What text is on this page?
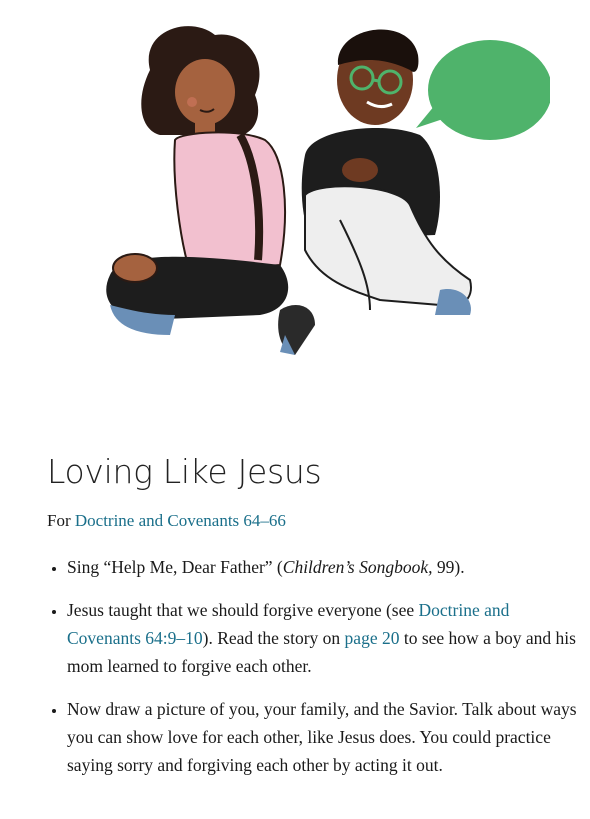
Loving Like Jesus
For Doctrine and Covenants 64–66
• Sing “Help Me, Dear Father” (Children’s Songbook, 99).
• Jesus taught that we should forgive everyone (see Doctrine and Covenants 64:9–10). Read the story on page 20 to see how a boy and his mom learned to forgive each other.
• Now draw a picture of you, your family, and the Savior. Talk about ways you can show love for each other, like Jesus does. You could practice saying sorry and forgiving each other by acting it out.
